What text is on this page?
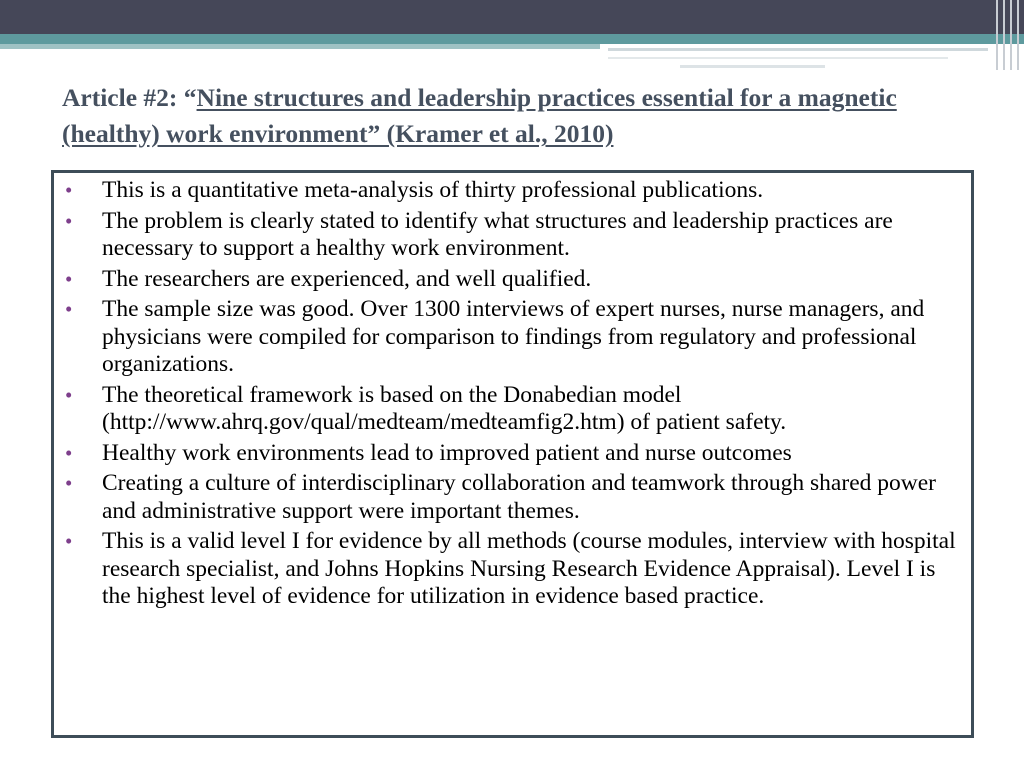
Article #2: “Nine structures and leadership practices essential for a magnetic (healthy) work environment” (Kramer et al., 2010)
• This is a quantitative meta-analysis of thirty professional publications.
• The problem is clearly stated to identify what structures and leadership practices are necessary to support a healthy work environment.
• The researchers are experienced, and well qualified.
• The sample size was good. Over 1300 interviews of expert nurses, nurse managers, and physicians were compiled for comparison to findings from regulatory and professional organizations.
• The theoretical framework is based on the Donabedian model (http://www.ahrq.gov/qual/medteam/medteamfig2.htm) of patient safety.
• Healthy work environments lead to improved patient and nurse outcomes
• Creating a culture of interdisciplinary collaboration and teamwork through shared power and administrative support were important themes.
• This is a valid level I for evidence by all methods (course modules, interview with hospital research specialist, and Johns Hopkins Nursing Research Evidence Appraisal). Level I is the highest level of evidence for utilization in evidence based practice.
